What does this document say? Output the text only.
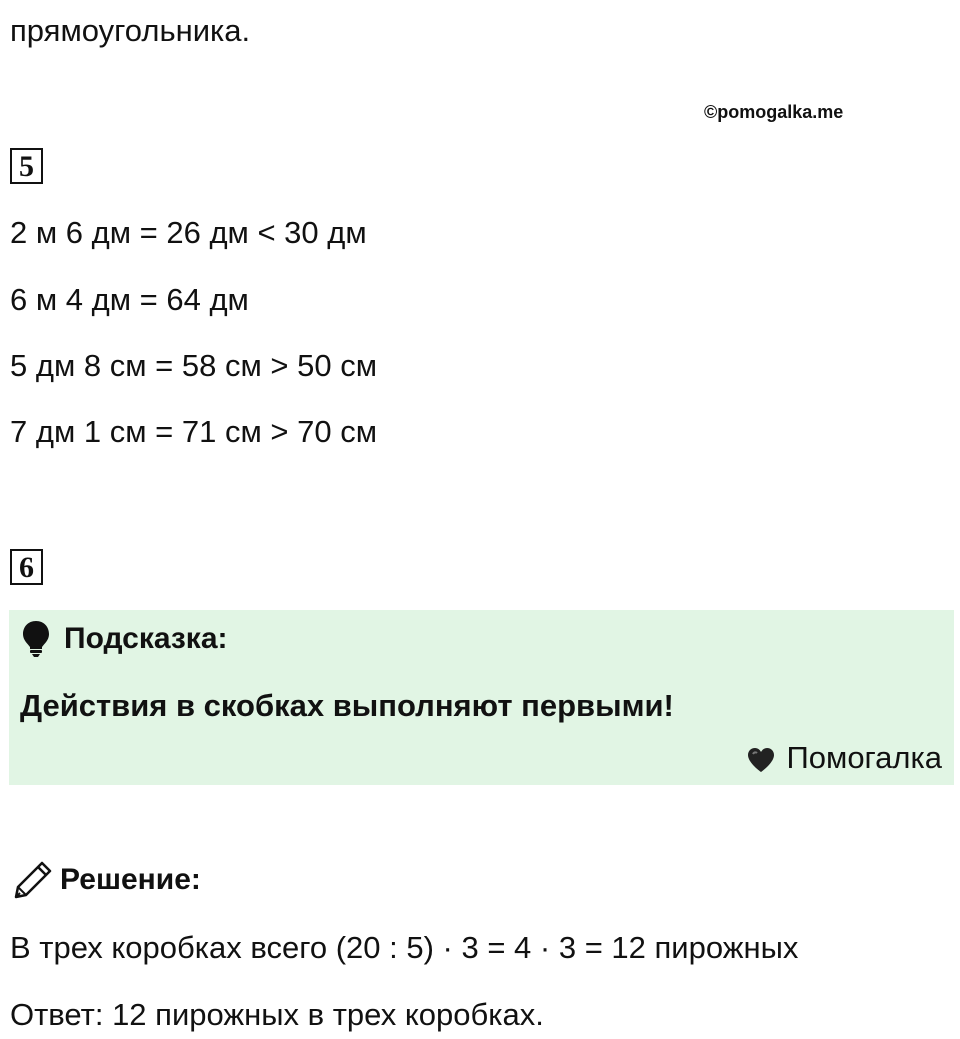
прямоугольника.
©pomogalka.me
5
2 м 6 дм = 26 дм < 30 дм
6 м 4 дм = 64 дм
5 дм 8 см = 58 см > 50 см
7 дм 1 см = 71 см > 70 см
6
Подсказка:
Действия в скобках выполняют первыми!
Помогалка
Решение:
В трех коробках всего (20 : 5) · 3 = 4 · 3 = 12 пирожных
Ответ: 12 пирожных в трех коробках.
